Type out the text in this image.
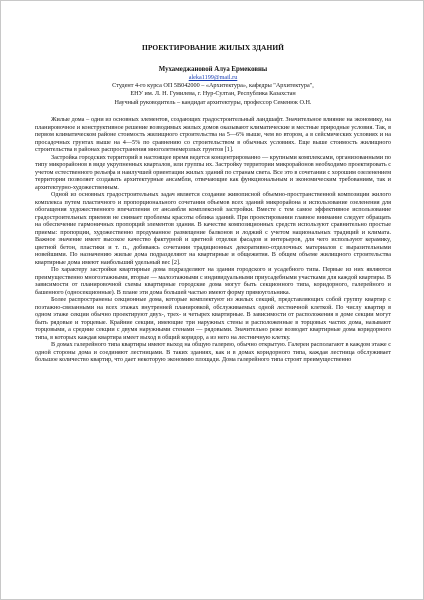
ПРОЕКТИРОВАНИЕ ЖИЛЫХ ЗДАНИЙ
Мухамеджановой Алуа Ермековны
alekа1199@mail.ru
Студент 4-го курса ОП 5В042000 – «Архитектура», кафедры "Архитектура",
ЕНУ им. Л. Н. Гумилева, г. Нур-Султан, Республика Казахстан
Научный руководитель – кандидат архитектуры, профессор Семенюк О.Н.

Жилые дома – одни из основных элементов, создающих градостроительный ландшафт. Значительное влияние на экономику, на планировочное и конструктивное решение возводимых жилых домов оказывают климатические и местные природные условия. Так, в первом климатическом районе стоимость жилищного строительства на 5—6% выше, чем во втором, а в сейсмических условиях и на просадочных грунтах выше на 4—5% по сравнению со строительством в обычных условиях. Еще выше стоимость жилищного строительства в районах распространения многолетнемерзлых грунтов [1].

Застройка городских территорий в настоящее время ведется концентрированно — крупными комплексами, организованными по типу микрорайонов в виде укрупненных кварталов, или группы их. Застройку территории микрорайонов необходимо проектировать с учетом естественного рельефа и наилучшей ориентации жилых зданий по странам света. Все это в сочетании с хорошим озеленением территории позволяет создавать архитектурные ансамбли, отвечающие как функциональным и экономическим требованиям, так и архитектурно-художественным.

Одной из основных градостроительных задач является создание живописной объемно-пространственной композиции жилого комплекса путем пластичного и пропорционального сочетания объемов всех зданий микрорайона и использование озеленения для обогащения художественного впечатления от ансамбля комплексной застройки. Вместе с тем самое эффективное использование градостроительных приемов не снимает проблемы красоты облика зданий. При проектировании главное внимание следует обращать на обеспечение гармоничных пропорций элементов здания. В качестве композиционных средств используют сравнительно простые приемы: пропорции, художественно продуманное размещение балконов и лоджий с учетом национальных традиций и климата. Важное значение имеет высокое качество фактурной и цветной отделки фасадов и интерьеров, для чего используют керамику, цветной бетон, пластики и т. п., добиваясь сочетания традиционных декоративно-отделочных материалов с выразительными новейшими. По назначению жилые дома подразделяют на квартирные и общежития. В общем объеме жилищного строительства квартирные дома имеют наибольший удельный вес [2].

По характеру застройки квартирные дома подразделяют на здания городского и усадебного типа. Первые из них являются преимущественно многоэтажными, вторые — малоэтажными с индивидуальными приусадебными участками для каждой квартиры. В зависимости от планировочной схемы квартирные городские дома могут быть секционного типа, коридорного, галерейного и башенного (односекционные). В плане эти дома большей частью имеют форму прямоугольника.

Более распространены секционные дома, которые комплектуют из жилых секций, представляющих собой группу квартир с поэтажно-связанными на всех этажах внутренней планировкой, обслуживаемых одной лестничной клеткой. По числу квартир в одном этаже секции обычно проектируют двух-, трех- и четырех квартирные. В зависимости от расположения в доме секции могут быть рядовые и торцевые. Крайние секции, имеющие три наружных стены и расположенные в торцовых частях дома, называют торцовыми, а средние секции с двумя наружными стенами — рядовыми. Значительно реже возводят квартирные дома коридорного типа, в которых каждая квартира имеет выход в общий коридор, а из него на лестничную клетку.

В домах галерейного типа квартиры имеют выход на общую галерею, обычно открытую. Галереи располагают в каждом этаже с одной стороны дома и соединяют лестницами. В таких зданиях, как и в домах коридорного типа, каждая лестница обслуживает большое количество квартир, что дает некоторую экономию площади. Дома галерейного типа строят преимущественно
